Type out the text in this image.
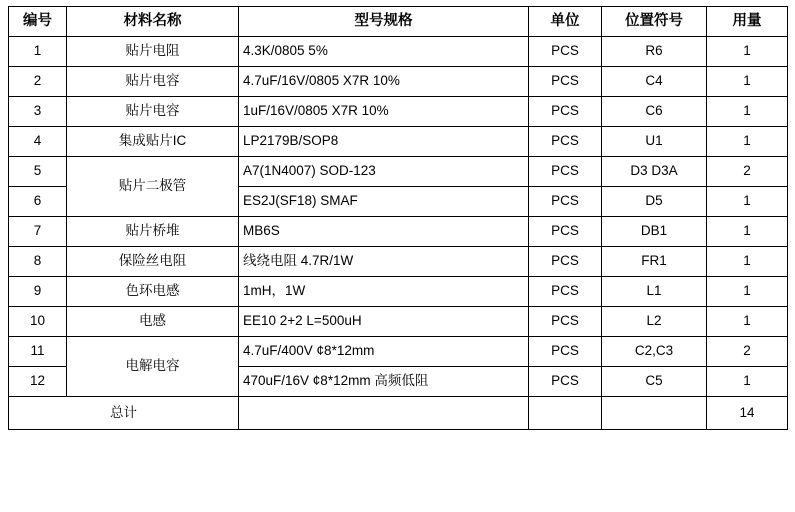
编号	材料名称	型号规格	单位	位置符号	用量
1	贴片电阻	4.3K/0805 5%	PCS	R6	1
2	贴片电容	4.7uF/16V/0805 X7R 10%	PCS	C4	1
3	贴片电容	1uF/16V/0805 X7R 10%	PCS	C6	1
4	集成贴片IC	LP2179B/SOP8	PCS	U1	1
5	贴片二极管	A7(1N4007) SOD-123	PCS	D3 D3A	2
6		ES2J(SF18) SMAF	PCS	D5	1
7	贴片桥堆	MB6S	PCS	DB1	1
8	保险丝电阻	线绕电阻 4.7R/1W	PCS	FR1	1
9	色环电感	1mH，1W	PCS	L1	1
10	电感	EE10 2+2 L=500uH	PCS	L2	1
11	电解电容	4.7uF/400V ¢8*12mm	PCS	C2,C3	2
12		470uF/16V ¢8*12mm 高频低阻	PCS	C5	1
总计					14
